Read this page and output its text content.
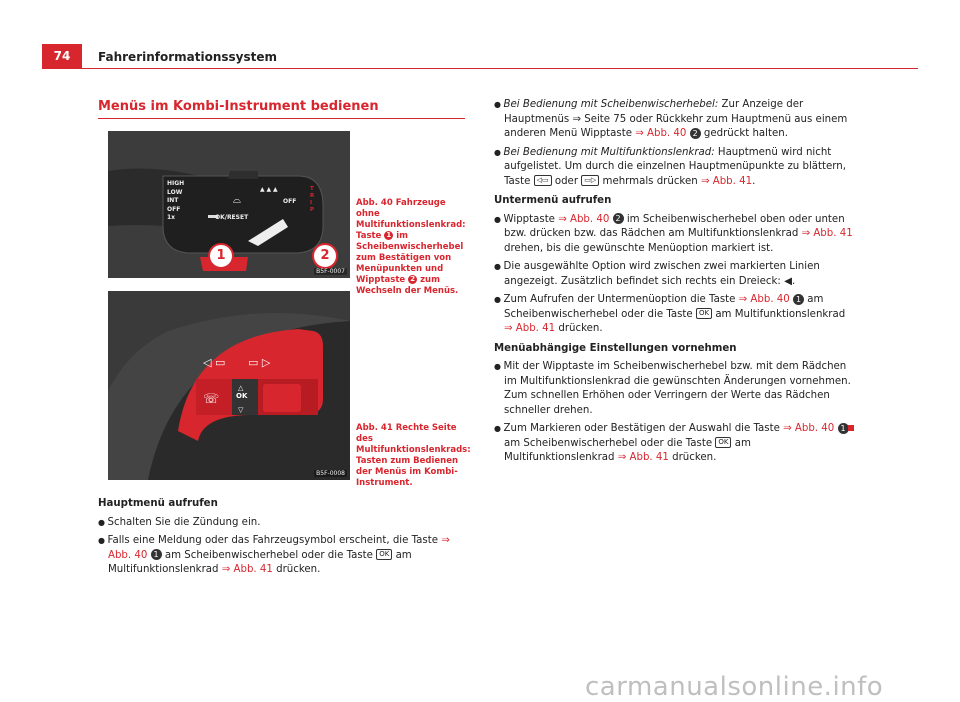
74	Fahrerinformationssystem
Menüs im Kombi-Instrument bedienen
▲ ▲ ▲
⌓
HIGH
LOW
INT
OFF
1x	OK/RESET
OFF
TRIP
1	2
B5F-0007
Abb. 40 Fahrzeuge ohne Multifunktionslenkrad: Taste 1 im Scheibenwischerhebel zum Bestätigen von Menüpunkten und Wipptaste 2 zum Wechseln der Menüs.
◁ ▭ ▭ ▷
☏
△
▽
OK
B5F-0008
Abb. 41 Rechte Seite des Multifunktionslenkrads: Tasten zum Bedienen der Menüs im Kombi-Instrument.
Hauptmenü aufrufen

● Schalten Sie die Zündung ein.

● Falls eine Meldung oder das Fahrzeugsymbol erscheint, die Taste ⇒ Abb. 40 1 am Scheibenwischerhebel oder die Taste OK am Multifunktionslenkrad ⇒ Abb. 41 drücken.

● Bei Bedienung mit Scheibenwischerhebel: Zur Anzeige der Hauptmenüs ⇒ Seite 75 oder Rückkehr zum Hauptmenü aus einem anderen Menü Wipptaste ⇒ Abb. 40 2 gedrückt halten.

● Bei Bedienung mit Multifunktionslenkrad: Hauptmenü wird nicht aufgelistet. Um durch die einzelnen Hauptmenüpunkte zu blättern, Taste ◁▭ oder ▭▷ mehrmals drücken ⇒ Abb. 41.

Untermenü aufrufen

● Wipptaste ⇒ Abb. 40 2 im Scheibenwischerhebel oben oder unten bzw. drücken bzw. das Rädchen am Multifunktionslenkrad ⇒ Abb. 41 drehen, bis die gewünschte Menüoption markiert ist.

● Die ausgewählte Option wird zwischen zwei markierten Linien angezeigt. Zusätzlich befindet sich rechts ein Dreieck: ◀.

● Zum Aufrufen der Untermenüoption die Taste ⇒ Abb. 40 1 am Scheibenwischerhebel oder die Taste OK am Multifunktionslenkrad ⇒ Abb. 41 drücken.

Menüabhängige Einstellungen vornehmen

● Mit der Wipptaste im Scheibenwischerhebel bzw. mit dem Rädchen im Multifunktionslenkrad die gewünschten Änderungen vornehmen. Zum schnellen Erhöhen oder Verringern der Werte das Rädchen schneller drehen.

● Zum Markieren oder Bestätigen der Auswahl die Taste ⇒ Abb. 40 1 am Scheibenwischerhebel oder die Taste OK am Multifunktionslenkrad ⇒ Abb. 41 drücken.

carmanualsonline.info
